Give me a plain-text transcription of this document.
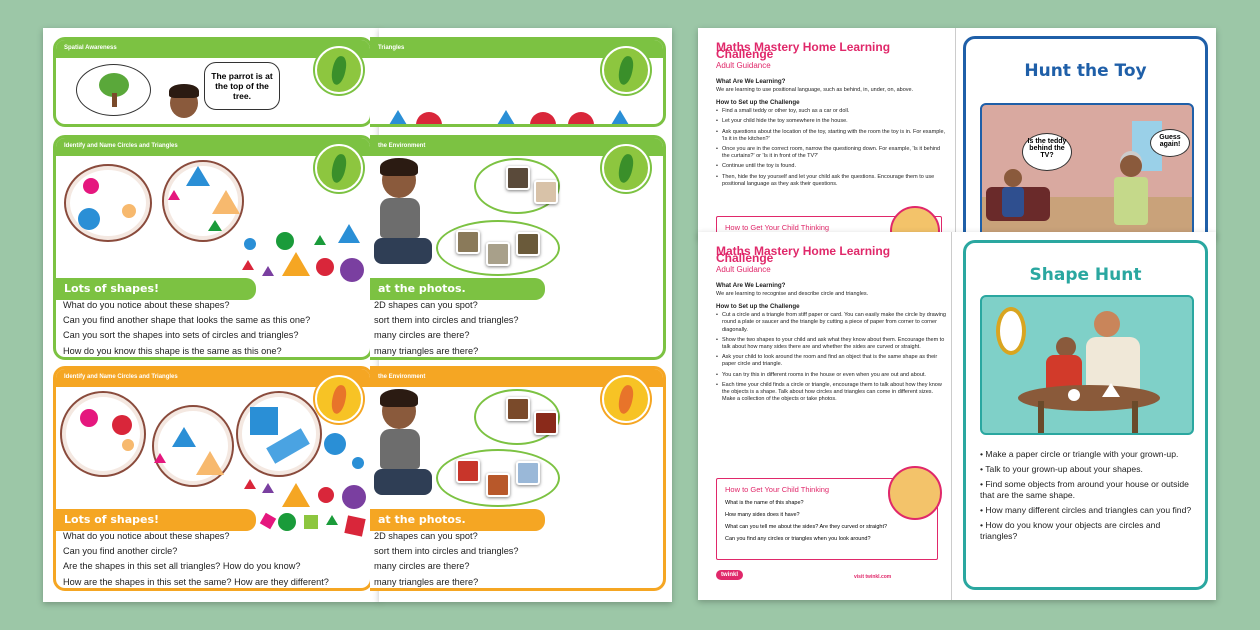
Spatial Awareness
The parrot is at the top of the tree.
Triangles
Identify and Name Circles and Triangles
Lots of shapes!
What do you notice about these shapes?
Can you find another shape that looks the same as this one?
Can you sort the shapes into sets of circles and triangles?
How do you know this shape is the same as this one?
the Environment
at the photos.
2D shapes can you spot?
sort them into circles and triangles?
many circles are there?
many triangles are there?
Identify and Name Circles and Triangles
Lots of shapes!
What do you notice about these shapes?
Can you find another circle?
Are the shapes in this set all triangles? How do you know?
How are the shapes in this set the same? How are they different?
the Environment
at the photos.
2D shapes can you spot?
sort them into circles and triangles?
many circles are there?
many triangles are there?
Maths Mastery Home Learning Challenge
Adult Guidance
What Are We Learning?
We are learning to use positional language, such as behind, in, under, on, above.
How to Set up the Challenge
• Find a small teddy or other toy, such as a car or doll.
• Let your child hide the toy somewhere in the house.
• Ask questions about the location of the toy, starting with the room the toy is in. For example, 'Is it in the kitchen?'
• Once you are in the correct room, narrow the questioning down. For example, 'Is it behind the curtains?' or 'Is it in front of the TV?'
• Continue until the toy is found.
• Then, hide the toy yourself and let your child ask the questions. Encourage them to use positional language as they ask their questions.
How to Get Your Child Thinking
Hunt the Toy
Is the teddy behind the TV?
Guess again!
Maths Mastery Home Learning Challenge
Adult Guidance
What Are We Learning?
We are learning to recognise and describe circle and triangles.
How to Set up the Challenge
• Cut a circle and a triangle from stiff paper or card. You can easily make the circle by drawing round a plate or saucer and the triangle by cutting a piece of paper from corner to corner diagonally.
• Show the two shapes to your child and ask what they know about them. Encourage them to talk about how many sides there are and whether the sides are curved or straight.
• Ask your child to look around the room and find an object that is the same shape as their paper circle and triangle.
• You can try this in different rooms in the house or even when you are out and about.
• Each time your child finds a circle or triangle, encourage them to talk about how they know the objects is a shape. Talk about how circles and triangles can come in different sizes. Make a collection of the objects or take photos.
How to Get Your Child Thinking
What is the name of this shape?
How many sides does it have?
What can you tell me about the sides? Are they curved or straight?
Can you find any circles or triangles when you look around?
twinkl	visit twinkl.com
Shape Hunt
• Make a paper circle or triangle with your grown-up.
• Talk to your grown-up about your shapes.
• Find some objects from around your house or outside that are the same shape.
• How many different circles and triangles can you find?
• How do you know your objects are circles and triangles?
